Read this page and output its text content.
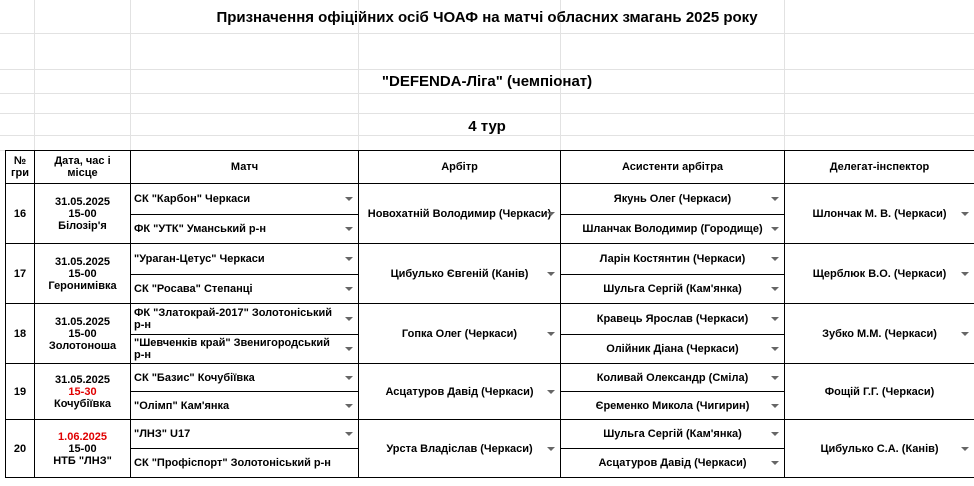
Призначення офіційних осіб ЧОАФ на матчі обласних змагань 2025 року
"DEFENDA-Ліга" (чемпіонат)
4 тур
№ гри	Дата, час і місце	Матч	Арбітр	Асистенти арбітра	Делегат-інспектор
16	31.05.2025
15-00
Білозір'я	СК "Карбон" Черкаси	Новохатній Володимир (Черкаси)	Якунь Олег (Черкаси)	Шлончак М. В. (Черкаси)

		ФК "УТК" Уманський р-н		Шланчак Володимир (Городище)	

17	31.05.2025
15-00
Геронимівка	"Ураган-Цетус" Черкаси	Цибулько Євгеній (Канів)	Ларін Костянтин (Черкаси)	Щерблюк В.О. (Черкаси)

		СК "Росава" Степанці		Шульга Сергій (Кам'янка)	

18	31.05.2025
15-00
Золотоноша	ФК "Златокрай-2017" Золотоніський р-н	Гопка Олег (Черкаси)	Кравець Ярослав (Черкаси)	Зубко М.М. (Черкаси)

		"Шевченків край" Звенигородський р-н		Олійник Діана (Черкаси)	

19	31.05.2025
15-30
Кочубіївка	СК "Базис" Кочубіївка	Асцатуров Давід (Черкаси)	Коливай Олександр (Сміла)	Фощій Г.Г. (Черкаси)

		"Олімп" Кам'янка		Єременко Микола (Чигирин)	

20	1.06.2025
15-00
НТБ "ЛНЗ"	"ЛНЗ" U17	Урста Владіслав (Черкаси)	Шульга Сергій (Кам'янка)	Цибулько С.А. (Канів)

		СК "Профіспорт" Золотоніський р-н		Асцатуров Давід (Черкаси)	
